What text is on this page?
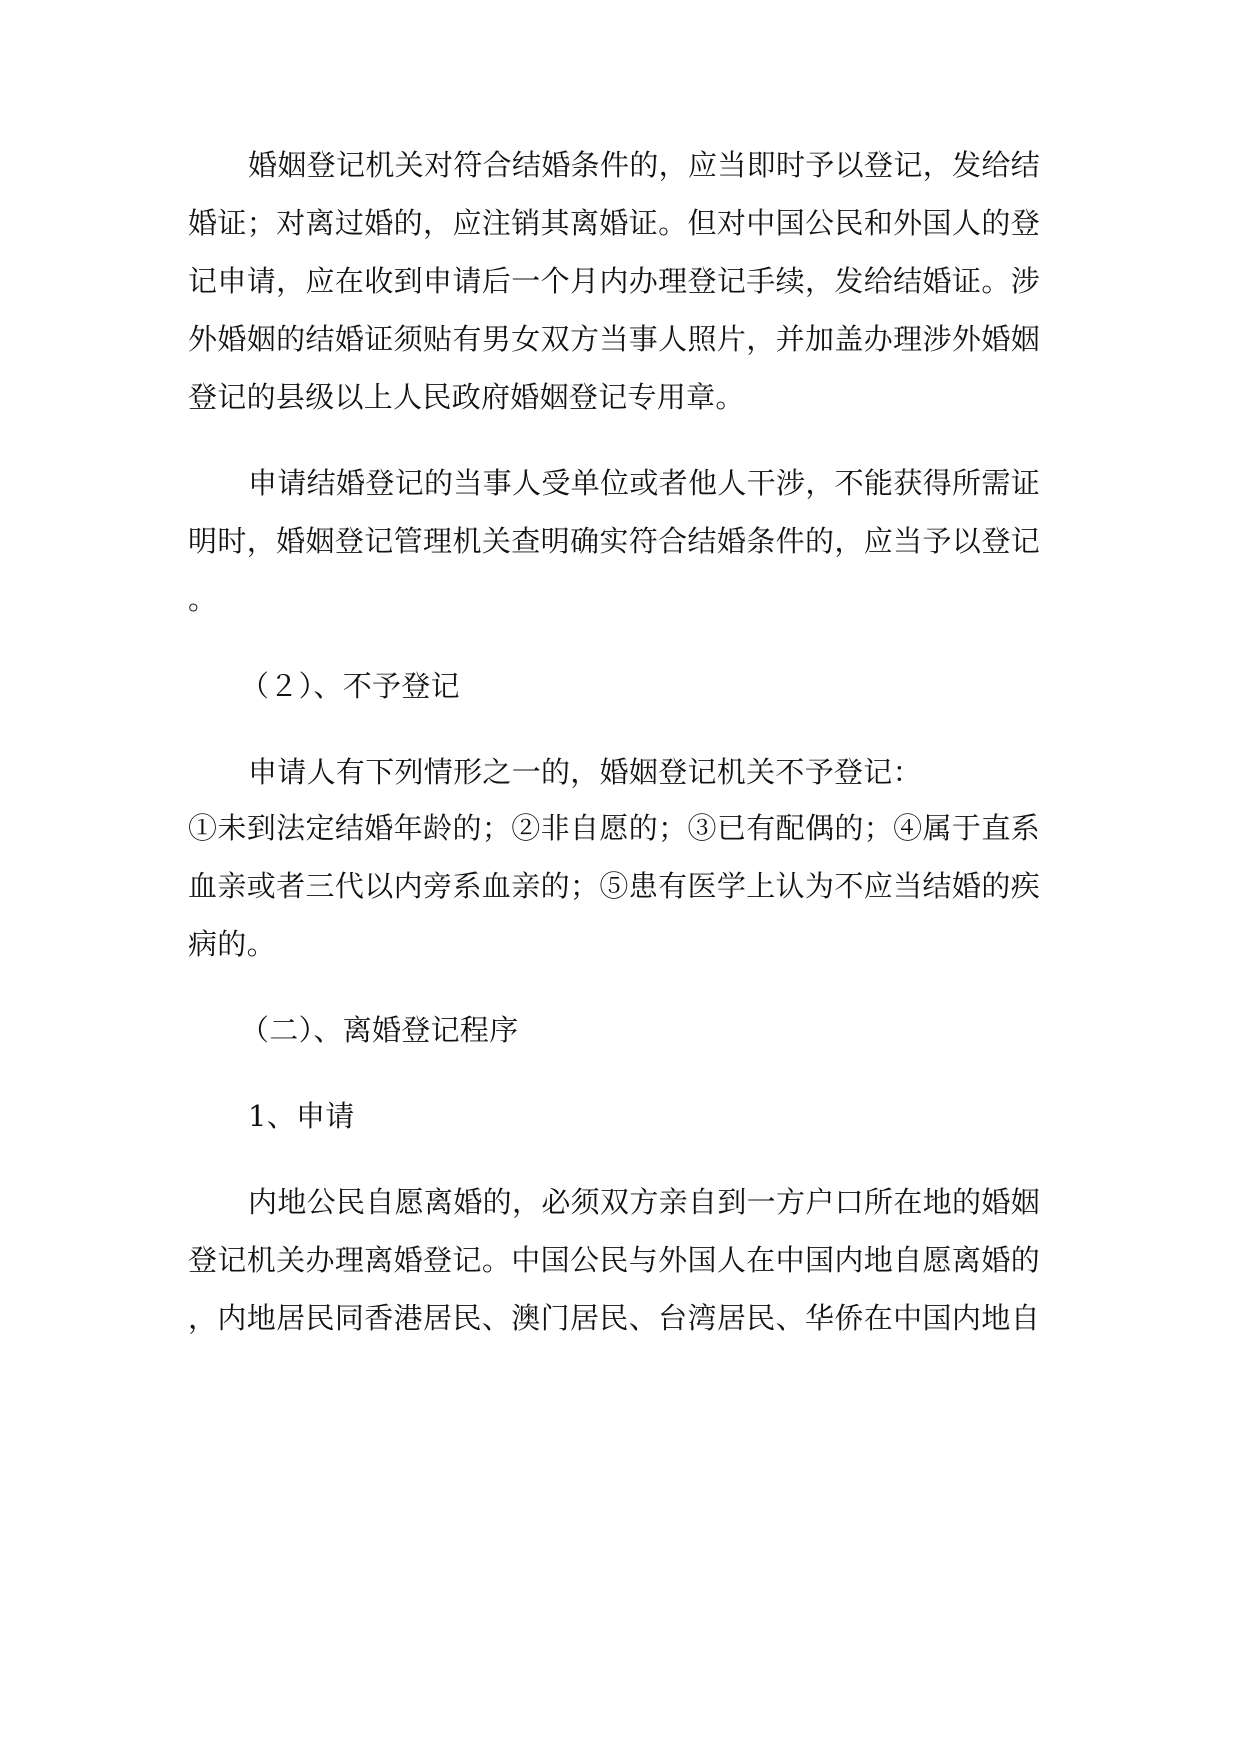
婚姻登记机关对符合结婚条件的，应当即时予以登记，发给结
婚证；对离过婚的，应注销其离婚证。但对中国公民和外国人的登
记申请，应在收到申请后一个月内办理登记手续，发给结婚证。涉
外婚姻的结婚证须贴有男女双方当事人照片，并加盖办理涉外婚姻
登记的县级以上人民政府婚姻登记专用章。
申请结婚登记的当事人受单位或者他人干涉，不能获得所需证
明时，婚姻登记管理机关查明确实符合结婚条件的，应当予以登记
。
（２）、不予登记
申请人有下列情形之一的，婚姻登记机关不予登记：
①未到法定结婚年龄的；②非自愿的；③已有配偶的；④属于直系
血亲或者三代以内旁系血亲的；⑤患有医学上认为不应当结婚的疾
病的。
（二）、离婚登记程序
1、申请
内地公民自愿离婚的，必须双方亲自到一方户口所在地的婚姻
登记机关办理离婚登记。中国公民与外国人在中国内地自愿离婚的
，内地居民同香港居民、澳门居民、台湾居民、华侨在中国内地自
